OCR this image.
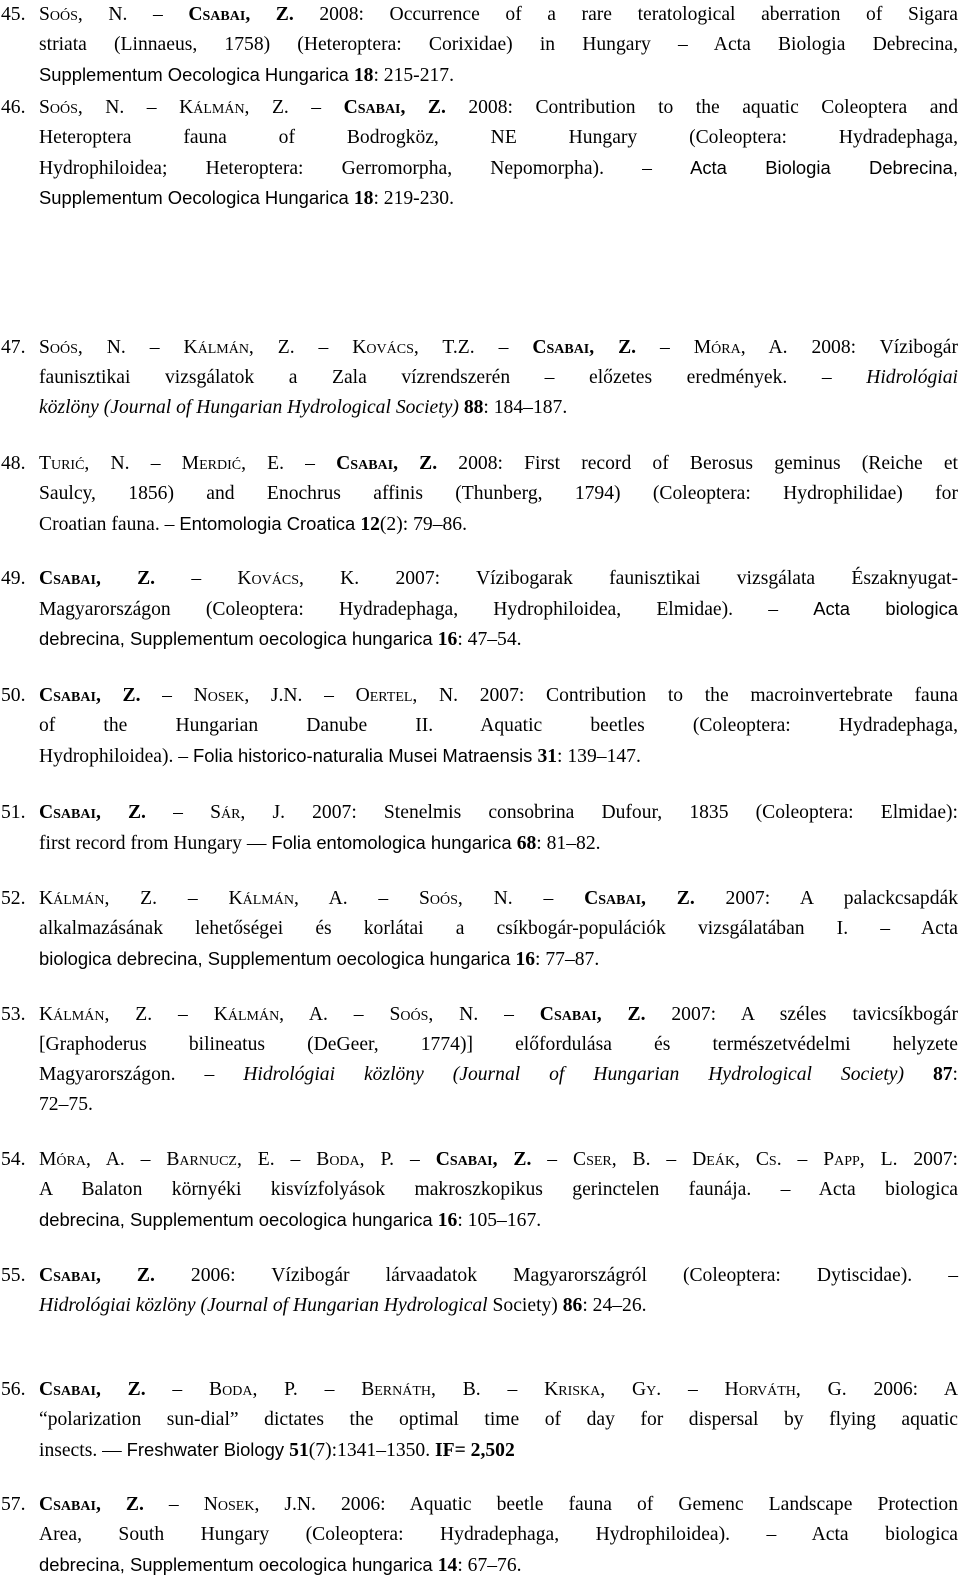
45. Soós, N. – Csabai, Z. 2008: Occurrence of a rare teratological aberration of Sigara
striata (Linnaeus, 1758) (Heteroptera: Corixidae) in Hungary – Acta Biologia Debrecina,
Supplementum Oecologica Hungarica 18: 215-217.
46. Soós, N. – Kálmán, Z. – Csabai, Z. 2008: Contribution to the aquatic Coleoptera and
Heteroptera fauna of Bodrogköz, NE Hungary (Coleoptera: Hydradephaga,
Hydrophiloidea; Heteroptera: Gerromorpha, Nepomorpha). – Acta Biologia Debrecina,
Supplementum Oecologica Hungarica 18: 219-230.
47. Soós, N. – Kálmán, Z. – Kovács, T.Z. – Csabai, Z. – Móra, A. 2008: Vízibogár
faunisztikai vizsgálatok a Zala vízrendszerén – előzetes eredmények. – Hidrológiai
közlöny (Journal of Hungarian Hydrological Society) 88: 184–187.
48. Turić, N. – Merdić, E. – Csabai, Z. 2008: First record of Berosus geminus (Reiche et
Saulcy, 1856) and Enochrus affinis (Thunberg, 1794) (Coleoptera: Hydrophilidae) for
Croatian fauna. – Entomologia Croatica 12(2): 79–86.
49. Csabai, Z. – Kovács, K. 2007: Vízibogarak faunisztikai vizsgálata Északnyugat-
Magyarországon (Coleoptera: Hydradephaga, Hydrophiloidea, Elmidae). – Acta biologica
debrecina, Supplementum oecologica hungarica 16: 47–54.
50. Csabai, Z. – Nosek, J.N. – Oertel, N. 2007: Contribution to the macroinvertebrate fauna
of the Hungarian Danube II. Aquatic beetles (Coleoptera: Hydradephaga,
Hydrophiloidea). – Folia historico-naturalia Musei Matraensis 31: 139–147.
51. Csabai, Z. – Sár, J. 2007: Stenelmis consobrina Dufour, 1835 (Coleoptera: Elmidae):
first record from Hungary –– Folia entomologica hungarica 68: 81–82.
52. Kálmán, Z. – Kálmán, A. – Soós, N. – Csabai, Z. 2007: A palackcsapdák
alkalmazásának lehetőségei és korlátai a csíkbogár-populációk vizsgálatában I. – Acta
biologica debrecina, Supplementum oecologica hungarica 16: 77–87.
53. Kálmán, Z. – Kálmán, A. – Soós, N. – Csabai, Z. 2007: A széles tavicsíkbogár
[Graphoderus bilineatus (DeGeer, 1774)] előfordulása és természetvédelmi helyzete
Magyarországon. – Hidrológiai közlöny (Journal of Hungarian Hydrological Society) 87:
72–75.
54. Móra, A. – Barnucz, E. – Boda, P. – Csabai, Z. – Cser, B. – Deák, Cs. – Papp, L. 2007:
A Balaton környéki kisvízfolyások makroszkopikus gerinctelen faunája. – Acta biologica
debrecina, Supplementum oecologica hungarica 16: 105–167.
55. Csabai, Z. 2006: Vízibogár lárvaadatok Magyarországról (Coleoptera: Dytiscidae). –
Hidrológiai közlöny (Journal of Hungarian Hydrological Society) 86: 24–26.
56. Csabai, Z. – Boda, P. – Bernáth, B. – Kriska, Gy. – Horváth, G. 2006: A
“polarization sun-dial” dictates the optimal time of day for dispersal by flying aquatic
insects. –– Freshwater Biology 51(7):1341–1350. IF= 2,502
57. Csabai, Z. – Nosek, J.N. 2006: Aquatic beetle fauna of Gemenc Landscape Protection
Area, South Hungary (Coleoptera: Hydradephaga, Hydrophiloidea). – Acta biologica
debrecina, Supplementum oecologica hungarica 14: 67–76.
